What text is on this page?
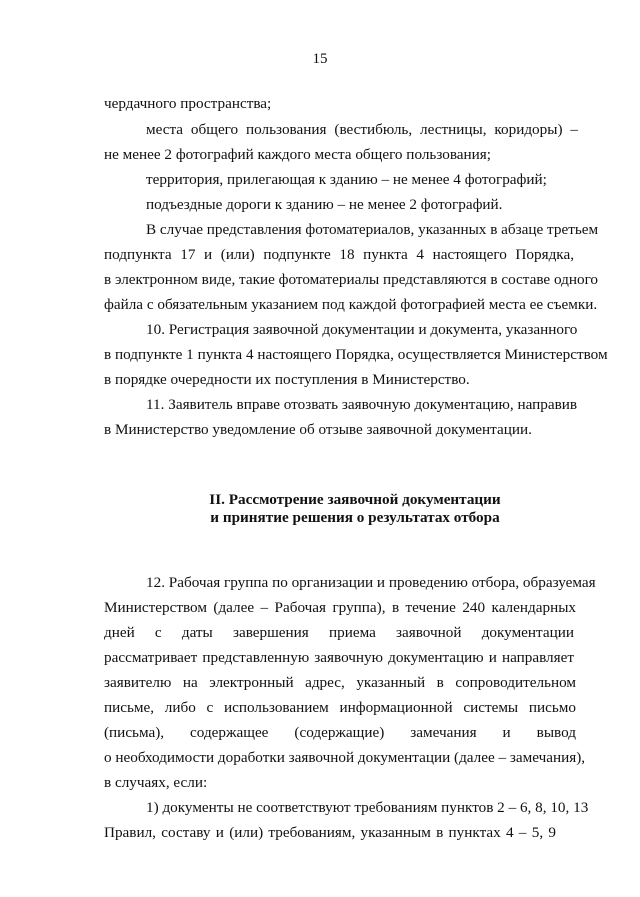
15
чердачного пространства;
места общего пользования (вестибюль, лестницы, коридоры) –
не менее 2 фотографий каждого места общего пользования;
территория, прилегающая к зданию – не менее 4 фотографий;
подъездные дороги к зданию – не менее 2 фотографий.
В случае представления фотоматериалов, указанных в абзаце третьем
подпункта 17 и (или) подпункте 18 пункта 4 настоящего Порядка,
в электронном виде, такие фотоматериалы представляются в составе одного
файла с обязательным указанием под каждой фотографией места ее съемки.
10. Регистрация заявочной документации и документа, указанного
в подпункте 1 пункта 4 настоящего Порядка, осуществляется Министерством
в порядке очередности их поступления в Министерство.
11. Заявитель вправе отозвать заявочную документацию, направив
в Министерство уведомление об отзыве заявочной документации.
II. Рассмотрение заявочной документации
и принятие решения о результатах отбора
12. Рабочая группа по организации и проведению отбора, образуемая
Министерством (далее – Рабочая группа), в течение 240 календарных
дней с даты завершения приема заявочной документации
рассматривает представленную заявочную документацию и направляет
заявителю на электронный адрес, указанный в сопроводительном
письме, либо с использованием информационной системы письмо
(письма), содержащее (содержащие) замечания и вывод
о необходимости доработки заявочной документации (далее – замечания),
в случаях, если:
1) документы не соответствуют требованиям пунктов 2 – 6, 8, 10, 13
Правил, составу и (или) требованиям, указанным в пунктах 4 – 5, 9
